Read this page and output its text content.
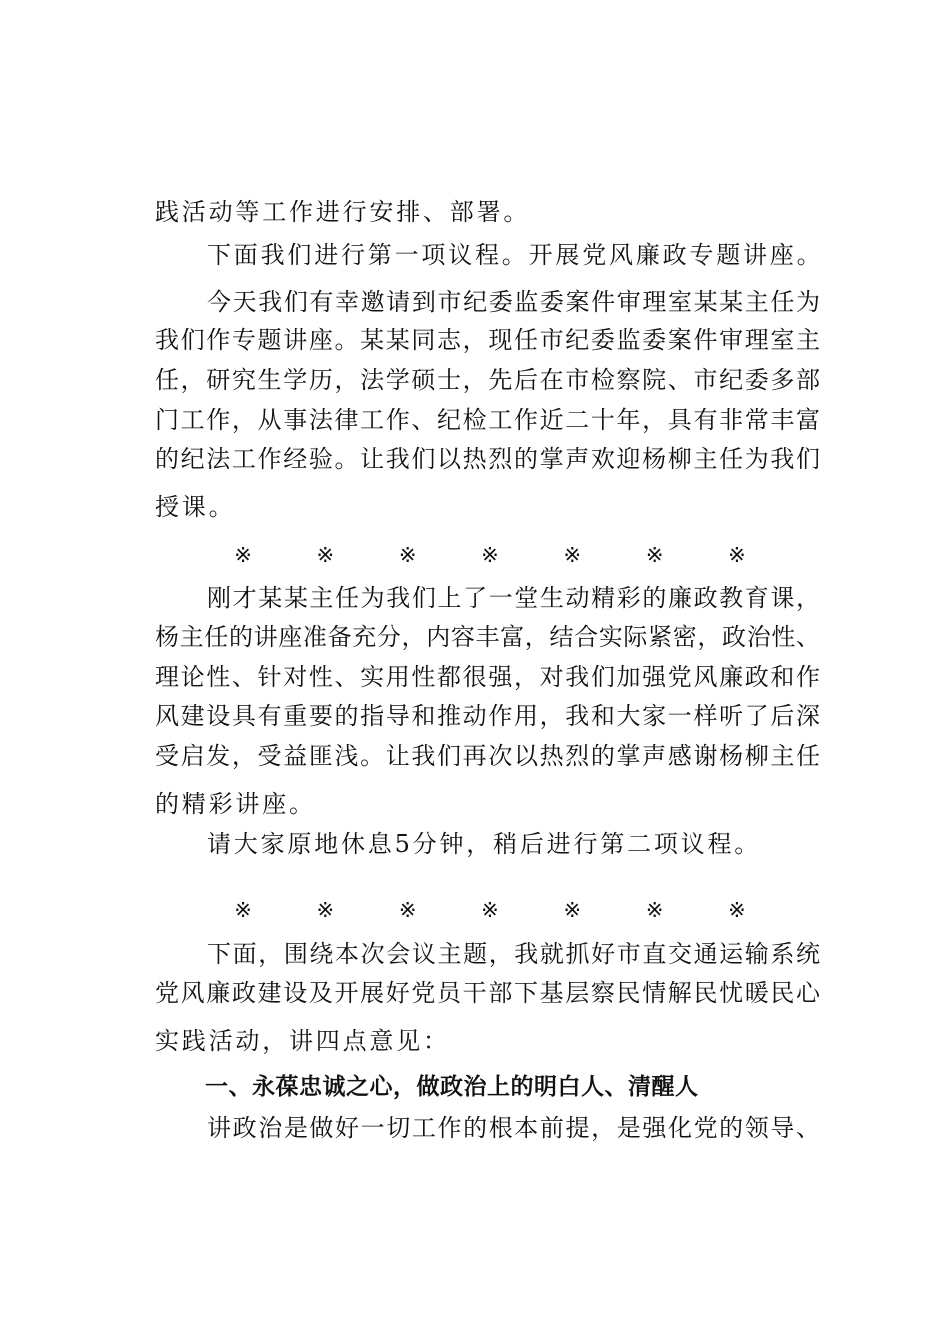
践活动等工作进行安排、部署。
下面我们进行第一项议程。开展党风廉政专题讲座。
今天我们有幸邀请到市纪委监委案件审理室某某主任为
我们作专题讲座。某某同志，现任市纪委监委案件审理室主
任，研究生学历，法学硕士，先后在市检察院、市纪委多部
门工作，从事法律工作、纪检工作近二十年，具有非常丰富
的纪法工作经验。让我们以热烈的掌声欢迎杨柳主任为我们
授课。
※	※	※	※	※	※	※
刚才某某主任为我们上了一堂生动精彩的廉政教育课，
杨主任的讲座准备充分，内容丰富，结合实际紧密，政治性、
理论性、针对性、实用性都很强，对我们加强党风廉政和作
风建设具有重要的指导和推动作用，我和大家一样听了后深
受启发，受益匪浅。让我们再次以热烈的掌声感谢杨柳主任
的精彩讲座。
请大家原地休息5分钟，稍后进行第二项议程。
※	※	※	※	※	※	※
下面，围绕本次会议主题，我就抓好市直交通运输系统
党风廉政建设及开展好党员干部下基层察民情解民忧暖民心
实践活动，讲四点意见：
一、永葆忠诚之心，做政治上的明白人、清醒人
讲政治是做好一切工作的根本前提，是强化党的领导、
